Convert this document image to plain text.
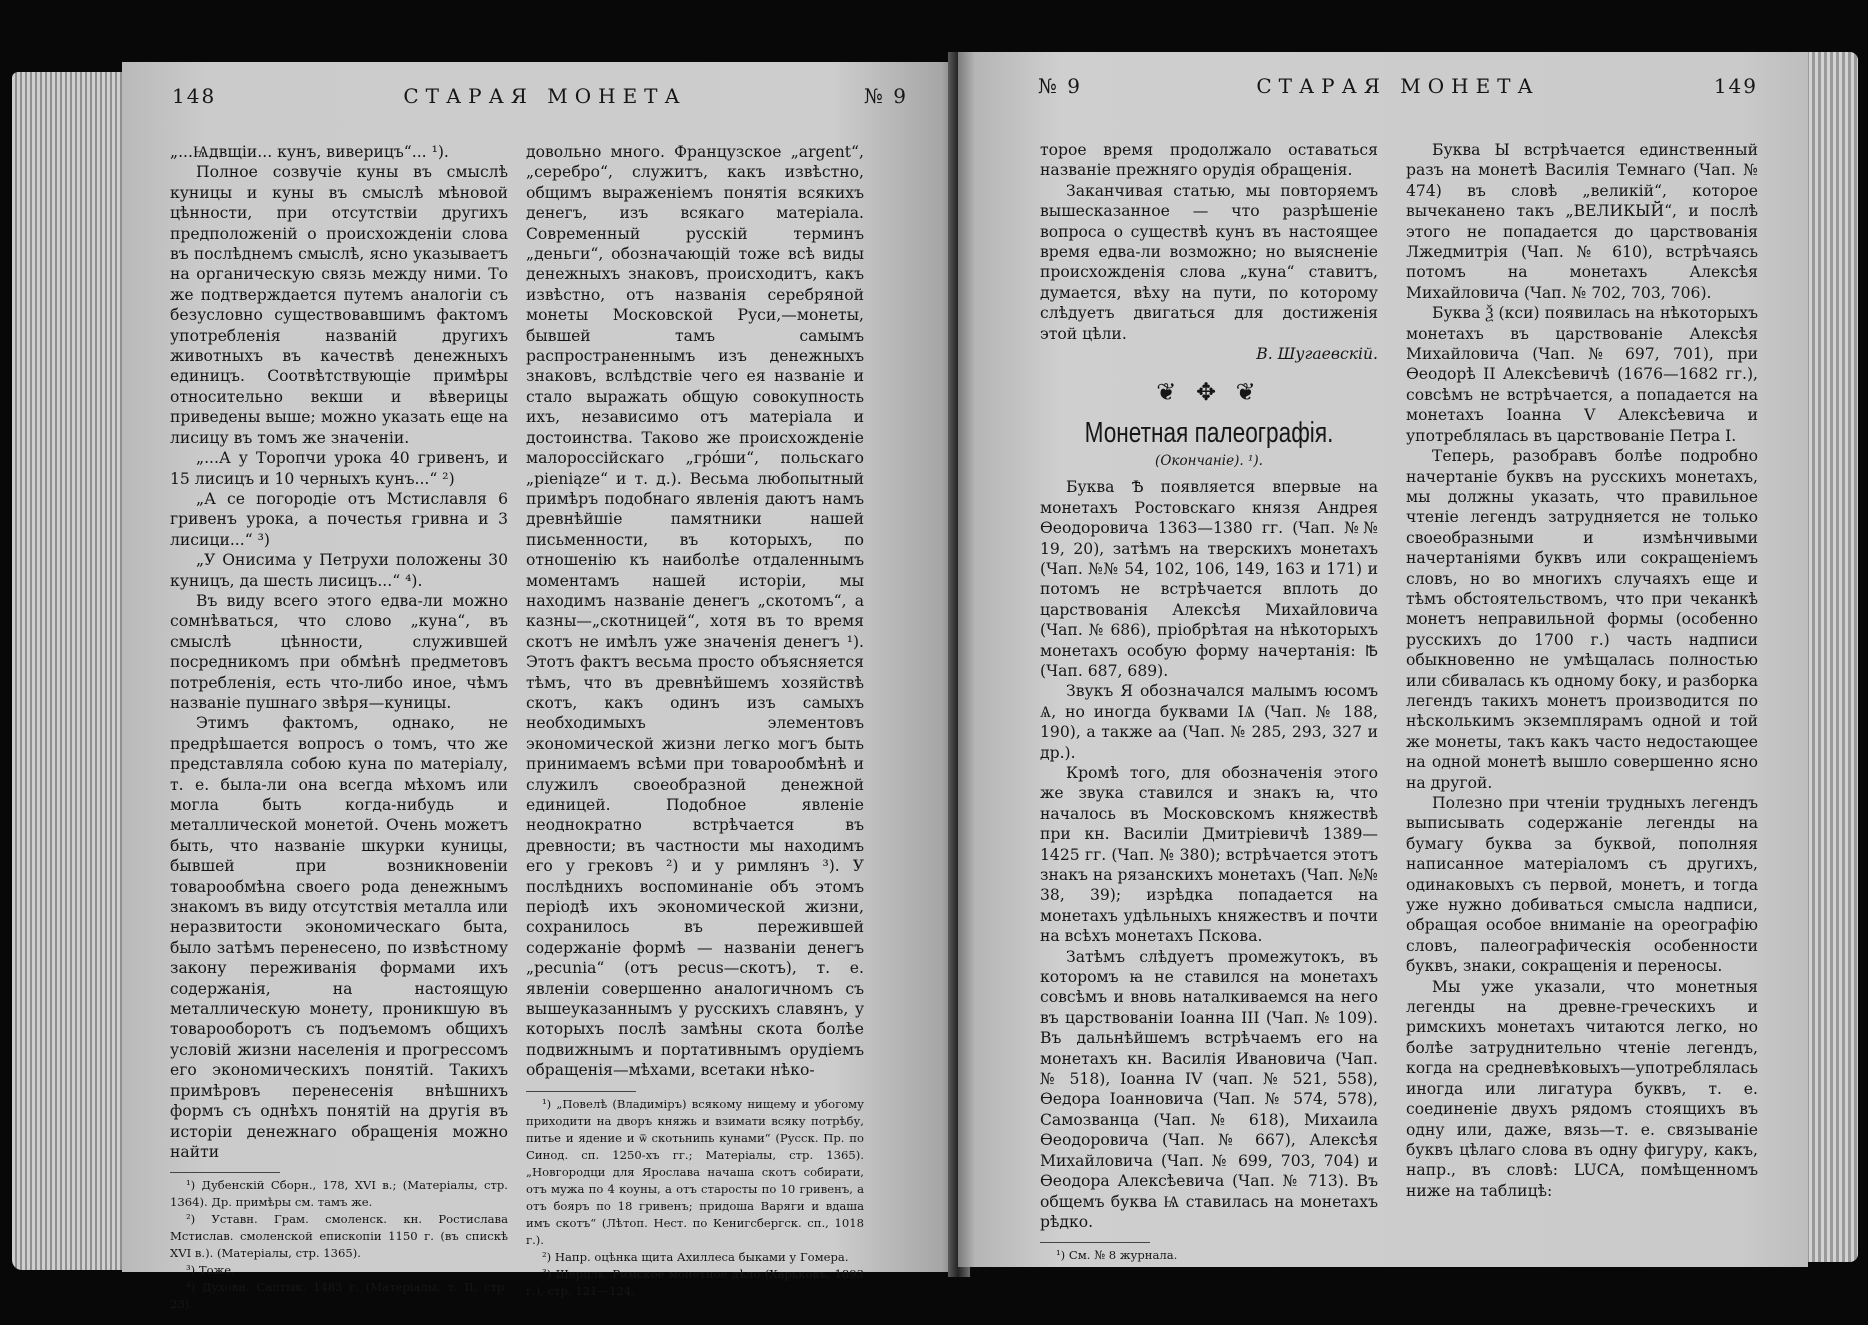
148	СТАРАЯ МОНЕТА	№ 9

„...Ѩдвщіи... кунъ, виверицъ“... ¹).

Полное созвучіе куны въ смыслѣ куницы и куны въ смыслѣ мѣновой цѣнности, при отсутствіи другихъ предположеній о происхожденіи слова въ послѣднемъ смыслѣ, ясно указываетъ на органическую связь между ними. То же подтверждается путемъ аналогіи съ безусловно существовавшимъ фактомъ употребленія названій другихъ животныхъ въ качествѣ денежныхъ единицъ. Соотвѣтствующіе примѣры относительно векши и вѣверицы приведены выше; можно указать еще на лисицу въ томъ же значеніи.

„...А у Торопчи урока 40 гривенъ, и 15 лисицъ и 10 черныхъ кунъ...“ ²)

„А се погородіе отъ Мстиславля 6 гривенъ урока, а почестья гривна и 3 лисици...“ ³)

„У Онисима у Петрухи положены 30 куницъ, да шесть лисицъ...“ ⁴).

Въ виду всего этого едва-ли можно сомнѣваться, что слово „куна“, въ смыслѣ цѣнности, служившей посредникомъ при обмѣнѣ предметовъ потребленія, есть что-либо иное, чѣмъ названіе пушнаго звѣря—куницы.

Этимъ фактомъ, однако, не предрѣшается вопросъ о томъ, что же представляла собою куна по матеріалу, т. е. была-ли она всегда мѣхомъ или могла быть когда-нибудь и металлической монетой. Очень можетъ быть, что названіе шкурки куницы, бывшей при возникновеніи товарообмѣна своего рода денежнымъ знакомъ въ виду отсутствія металла или неразвитости экономическаго быта, было затѣмъ перенесено, по извѣстному закону переживанія формами ихъ содержанія, на настоящую металлическую монету, проникшую въ товарооборотъ съ подъемомъ общихъ условій жизни населенія и прогрессомъ его экономическихъ понятій. Такихъ примѣровъ перенесенія внѣшнихъ формъ съ однѣхъ понятій на другія въ исторіи денежнаго обращенія можно найти

¹) Дубенскій Сборн., 178, XVI в.; (Матеріалы, стр. 1364). Др. примѣры см. тамъ же.

²) Уставн. Грам. смоленск. кн. Ростислава Мстислав. смоленской епископіи 1150 г. (въ спискѣ XVI в.). (Матеріалы, стр. 1365).

³) Тоже.

⁴) Духовн. Салтык. 1483 г. (Матеріалы, т. II, стр. 23).

довольно много. Французское „argent“, „серебро“, служитъ, какъ извѣстно, общимъ выраженіемъ понятія всякихъ денегъ, изъ всякаго матеріала. Современный русскій терминъ „деньги“, обозначающій тоже всѣ виды денежныхъ знаковъ, происходитъ, какъ извѣстно, отъ названія серебряной монеты Московской Руси,—монеты, бывшей тамъ самымъ распространеннымъ изъ денежныхъ знаковъ, вслѣдствіе чего ея названіе и стало выражать общую совокупность ихъ, независимо отъ матеріала и достоинства. Таково же происхожденіе малороссійскаго „гро́ши“, польскаго „pieniąze“ и т. д.). Весьма любопытный примѣръ подобнаго явленія даютъ намъ древнѣйшіе памятники нашей письменности, въ которыхъ, по отношенію къ наиболѣе отдаленнымъ моментамъ нашей исторіи, мы находимъ названіе денегъ „скотомъ“, а казны—„скотницей“, хотя въ то время скотъ не имѣлъ уже значенія денегъ ¹). Этотъ фактъ весьма просто объясняется тѣмъ, что въ древнѣйшемъ хозяйствѣ скотъ, какъ одинъ изъ самыхъ необходимыхъ элементовъ экономической жизни легко могъ быть принимаемъ всѣми при товарообмѣнѣ и служилъ своеобразной денежной единицей. Подобное явленіе неоднократно встрѣчается въ древности; въ частности мы находимъ его у грековъ ²) и у римлянъ ³). У послѣднихъ воспоминаніе объ этомъ періодѣ ихъ экономической жизни, сохранилось въ пережившей содержаніе формѣ — названіи денегъ „pecunia“ (отъ pecus—скотъ), т. е. явленіи совершенно аналогичномъ съ вышеуказаннымъ у русскихъ славянъ, у которыхъ послѣ замѣны скота болѣе подвижнымъ и портативнымъ орудіемъ обращенія—мѣхами, всетаки нѣко-

¹) „Повелѣ (Владиміръ) всякому нищему и убогому приходити на дворъ княжь и взимати всяку потрѣбу, питье и ядение и ѿ скотьнипь кунами“ (Русск. Пр. по Синод. сп. 1250-хъ гг.; Матеріалы, стр. 1365). „Новгородци для Ярослава начаша скотъ собирати, отъ мужа по 4 коуны, а отъ старосты по 10 гривенъ, а отъ бояръ по 18 гривенъ; придоша Варяги и вдаша имъ скотъ“ (Лѣтоп. Нест. по Кенигсбергск. сп., 1018 г.).

²) Напр. оцѣнка щита Ахиллеса быками у Гомера.

³) Шерцль. Римское монетное дѣло (Харьковъ, 1893 г.), стр. 121—124.

№ 9	СТАРАЯ МОНЕТА	149

торое время продолжало оставаться названіе прежняго орудія обращенія.

Заканчивая статью, мы повторяемъ вышесказанное — что разрѣшеніе вопроса о существѣ кунъ въ настоящее время едва-ли возможно; но выясненіе происхожденія слова „куна“ ставитъ, думается, вѣху на пути, по которому слѣдуетъ двигаться для достиженія этой цѣли.

В. Шугаевскій.

❦ ✥ ❦
Монетная палеографія.
(Окончаніе). ¹).

Буква Ѣ появляется впервые на монетахъ Ростовскаго князя Андрея Ѳеодоровича 1363—1380 гг. (Чап. №№ 19, 20), затѣмъ на тверскихъ монетахъ (Чап. №№ 54, 102, 106, 149, 163 и 171) и потомъ не встрѣчается вплоть до царствованія Алексѣя Михайловича (Чап. № 686), пріобрѣтая на нѣкоторыхъ монетахъ особую форму начертанія: Ꙓ (Чап. 687, 689).

Звукъ Я обозначался малымъ юсомъ Ѧ, но иногда буквами ІѦ (Чап. № 188, 190), а также аа (Чап. № 285, 293, 327 и др.).

Кромѣ того, для обозначенія этого же звука ставился и знакъ ꙗ, что началось въ Московскомъ княжествѣ при кн. Василіи Дмитріевичѣ 1389—1425 гг. (Чап. № 380); встрѣчается этотъ знакъ на рязанскихъ монетахъ (Чап. №№ 38, 39); изрѣдка попадается на монетахъ удѣльныхъ княжествъ и почти на всѣхъ монетахъ Пскова.

Затѣмъ слѣдуетъ промежутокъ, въ которомъ ꙗ не ставился на монетахъ совсѣмъ и вновь наталкиваемся на него въ царствованіи Іоанна III (Чап. № 109). Въ дальнѣйшемъ встрѣчаемъ его на монетахъ кн. Василія Ивановича (Чап. № 518), Іоанна IV (чап. № 521, 558), Ѳедора Іоанновича (Чап. № 574, 578), Самозванца (Чап. № 618), Михаила Ѳеодоровича (Чап. № 667), Алексѣя Михайловича (Чап. № 699, 703, 704) и Ѳеодора Алексѣевича (Чап. № 713). Въ общемъ буква Ѩ ставилась на монетахъ рѣдко.

¹) См. № 8 журнала.

Буква Ы встрѣчается единственный разъ на монетѣ Василія Темнаго (Чап. № 474) въ словѣ „великій“, которое вычеканено такъ „ВЕЛИКЫЙ“, и послѣ этого не попадается до царствованія Лжедмитрія (Чап. № 610), встрѣчаясь потомъ на монетахъ Алексѣя Михайловича (Чап. № 702, 703, 706).

Буква Ѯ (кси) появилась на нѣкоторыхъ монетахъ въ царствованіе Алексѣя Михайловича (Чап. № 697, 701), при Ѳеодорѣ II Алексѣевичѣ (1676—1682 гг.), совсѣмъ не встрѣчается, а попадается на монетахъ Іоанна V Алексѣевича и употреблялась въ царствованіе Петра I.

Теперь, разобравъ болѣе подробно начертаніе буквъ на русскихъ монетахъ, мы должны указать, что правильное чтеніе легендъ затрудняется не только своеобразными и измѣнчивыми начертаніями буквъ или сокращеніемъ словъ, но во многихъ случаяхъ еще и тѣмъ обстоятельствомъ, что при чеканкѣ монетъ неправильной формы (особенно русскихъ до 1700 г.) часть надписи обыкновенно не умѣщалась полностью или сбивалась къ одному боку, и разборка легендъ такихъ монетъ производится по нѣсколькимъ экземплярамъ одной и той же монеты, такъ какъ часто недостающее на одной монетѣ вышло совершенно ясно на другой.

Полезно при чтеніи трудныхъ легендъ выписывать содержаніе легенды на бумагу буква за буквой, пополняя написанное матеріаломъ съ другихъ, одинаковыхъ съ первой, монетъ, и тогда уже нужно добиваться смысла надписи, обращая особое вниманіе на ореографію словъ, палеографическія особенности буквъ, знаки, сокращенія и переносы.

Мы уже указали, что монетныя легенды на древне-греческихъ и римскихъ монетахъ читаются легко, но болѣе затруднительно чтеніе легендъ, когда на средневѣковыхъ—употреблялась иногда или лигатура буквъ, т. е. соединеніе двухъ рядомъ стоящихъ въ одну или, даже, вязь—т. е. связываніе буквъ цѣлаго слова въ одну фигуру, какъ, напр., въ словѣ: LUCA, помѣщенномъ ниже на таблицѣ:
